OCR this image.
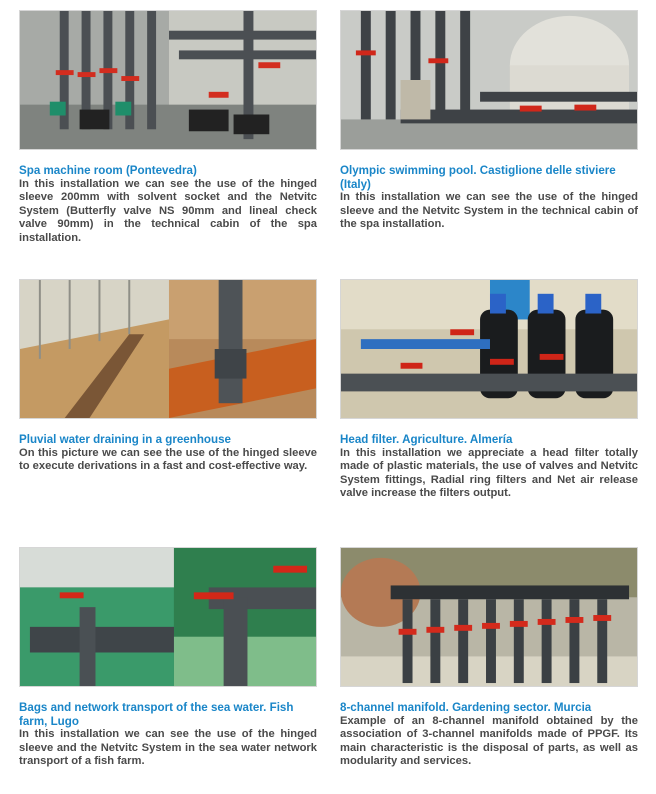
Spa machine room (Pontevedra)
In this installation we can see the use of the hinged sleeve 200mm with solvent socket and the Netvitc System (Butterfly valve NS 90mm and lineal check valve 90mm) in the technical cabin of the spa installation.
Olympic swimming pool. Castiglione delle stiviere (Italy)
In this installation we can see the use of the hinged sleeve and the Netvitc System in the technical cabin of the spa installation.
Pluvial water draining in a greenhouse
On this picture we can see the use of the hinged sleeve to execute derivations in a fast and cost-effective way.
Head filter. Agriculture. Almería
In this installation we appreciate a head filter totally made of plastic materials, the use of valves and Netvitc System fittings, Radial ring filters and Net air release valve increase the filters output.
Bags and network transport of the sea water. Fish farm, Lugo
In this installation we can see the use of the hinged sleeve and the Netvitc System in the sea water network transport of a fish farm.
8-channel manifold. Gardening sector. Murcia
Example of an 8-channel manifold obtained by the association of 3-channel manifolds made of PPGF. Its main characteristic is the disposal of parts, as well as modularity and services.
